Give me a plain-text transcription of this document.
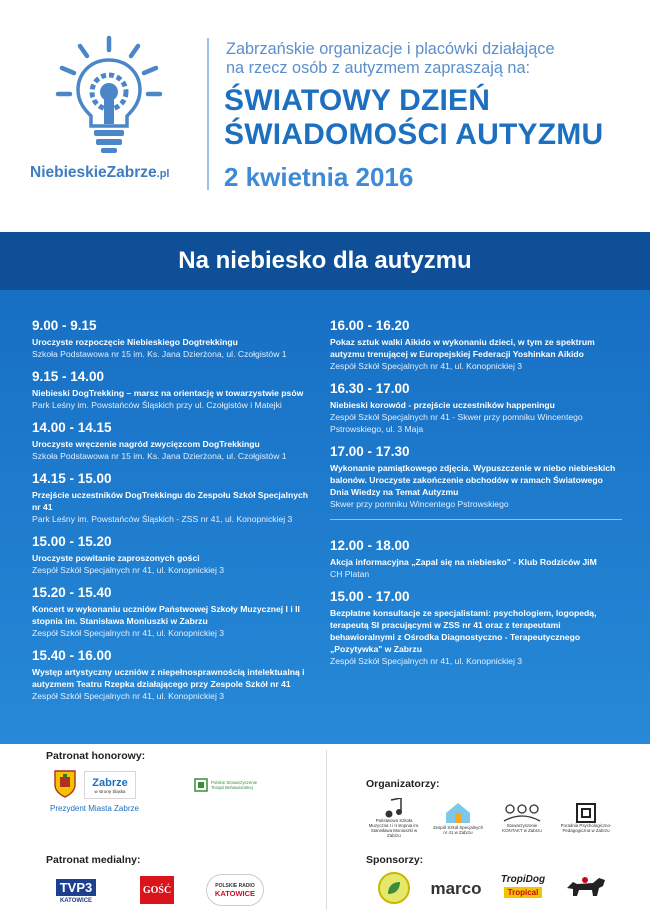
NiebieskieZabrze.pl
Zabrzańskie organizacje i placówki działające
na rzecz osób z autyzmem zapraszają na:
ŚWIATOWY DZIEŃ
ŚWIADOMOŚCI AUTYZMU
2 kwietnia 2016
Na niebiesko dla autyzmu
9.00 - 9.15
Uroczyste rozpoczęcie Niebieskiego Dogtrekkingu
Szkoła Podstawowa nr 15 im. Ks. Jana Dzierżona, ul. Czołgistów 1
9.15 - 14.00
Niebieski DogTrekking – marsz na orientację w towarzystwie psów
Park Leśny im. Powstańców Śląskich przy ul. Czołgistów i Matejki
14.00 - 14.15
Uroczyste wręczenie nagród zwycięzcom DogTrekkingu
Szkoła Podstawowa nr 15 im. Ks. Jana Dzierżona, ul. Czołgistów 1
14.15 - 15.00
Przejście uczestników DogTrekkingu do Zespołu Szkół Specjalnych nr 41
Park Leśny im. Powstańców Śląskich - ZSS nr 41, ul. Konopnickiej 3
15.00 - 15.20
Uroczyste powitanie zaproszonych gości
Zespół Szkół Specjalnych nr 41, ul. Konopnickiej 3
15.20 - 15.40
Koncert w wykonaniu uczniów Państwowej Szkoły Muzycznej I i II stopnia im. Stanisława Moniuszki w Zabrzu
Zespół Szkół Specjalnych nr 41, ul. Konopnickiej 3
15.40 - 16.00
Występ artystyczny uczniów z niepełnosprawnością intelektualną i autyzmem Teatru Rzepka działającego przy Zespole Szkół nr 41
Zespół Szkół Specjalnych nr 41, ul. Konopnickiej 3
16.00 - 16.20
Pokaz sztuk walki Aikido w wykonaniu dzieci, w tym ze spektrum autyzmu trenującej w Europejskiej Federacji Yoshinkan Aikido
Zespół Szkół Specjalnych nr 41, ul. Konopnickiej 3
16.30 - 17.00
Niebieski korowód - przejście uczestników happeningu
Zespół Szkół Specjalnych nr 41 - Skwer przy pomniku Wincentego Pstrowskiego, ul. 3 Maja
17.00 - 17.30
Wykonanie pamiątkowego zdjęcia. Wypuszczenie w niebo niebieskich balonów. Uroczyste zakończenie obchodów w ramach Światowego Dnia Wiedzy na Temat Autyzmu
Skwer przy pomniku Wincentego Pstrowskiego
12.00 - 18.00
Akcja informacyjna „Zapal się na niebiesko" - Klub Rodziców JiM
CH Platan
15.00 - 17.00
Bezpłatne konsultacje ze specjalistami: psychologiem, logopedą, terapeutą SI pracującymi w ZSS nr 41 oraz z terapeutami behawioralnymi z Ośrodka Diagnostyczno - Terapeutycznego „Pozytywka" w Zabrzu
Zespół Szkół Specjalnych nr 41, ul. Konopnickiej 3
Patronat honorowy:
Zabrze
w stronę Śląska
Prezydent Miasta Zabrze
Polskie Stowarzyszenie Terapii Behawioralnej
Patronat medialny:
TVP3
KATOWICE
GOŚĆ	POLSKIE RADIO
KATOWICE
Organizatorzy:
Państwowa Szkoła Muzyczna I i II stopnia im. Stanisława Moniuszki w Zabrzu
Zespół Szkół Specjalnych nr 41 w Zabrzu
Stowarzyszenie KONTAKT w Zabrzu
Poradnia Psychologiczno-Pedagogiczna w Zabrzu
Sponsorzy:
marco TropiDog
Tropical
